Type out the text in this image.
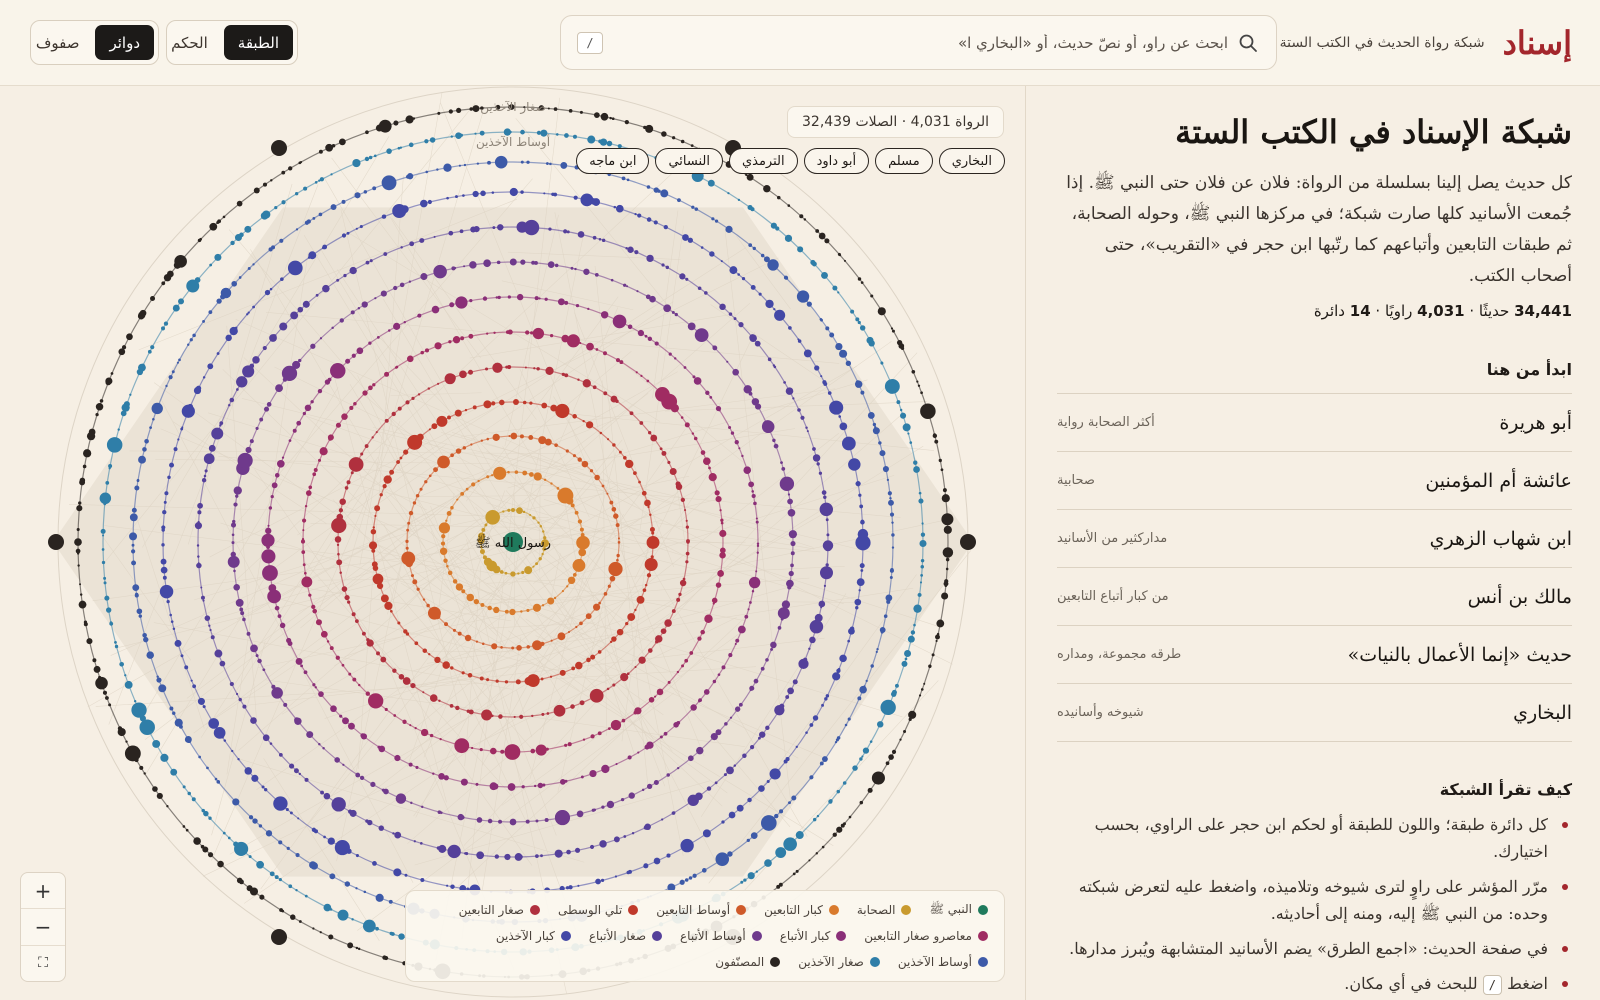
إسناد
شبكة رواة الحديث في الكتب الستة
ابحث عن راوٍ، أو نصّ حديث، أو «البخاري ا»
/
الطبقة
الحكم
دوائر
صفوف
رسول الله ﷺ
صغار الآخذين
أوساط الآخذين
الرواة 4,031 · الصلات 32,439
البخاري
مسلم
أبو داود
الترمذي
النسائي
ابن ماجه
+
−
⛶
النبي ﷺ
الصحابة
كبار التابعين
أوساط التابعين
تلي الوسطى
صغار التابعين
معاصرو صغار التابعين
كبار الأتباع
أوساط الأتباع
صغار الأتباع
كبار الآخذين
أوساط الآخذين
صغار الآخذين
المصنّفون
شبكة الإسناد في الكتب الستة

كل حديث يصل إلينا بسلسلة من الرواة: فلان عن فلان حتى النبي ﷺ. إذا جُمعت الأسانيد كلها صارت شبكة؛ في مركزها النبي ﷺ، وحوله الصحابة، ثم طبقات التابعين وأتباعهم كما رتّبها ابن حجر في «التقريب»، حتى أصحاب الكتب.

34,441 حديثًا · 4,031 راويًا · 14 دائرة
ابدأ من هنا
أبو هريرة
أكثر الصحابة رواية
عائشة أم المؤمنين
صحابية
ابن شهاب الزهري
مداركثير من الأسانيد
مالك بن أنس
من كبار أتباع التابعين
حديث «إنما الأعمال بالنيات»
طرقه مجموعة، ومداره
البخاري
شيوخه وأسانيده
كيف تقرأ الشبكة
كل دائرة طبقة؛ واللون للطبقة أو لحكم ابن حجر على الراوي، بحسب اختيارك.
مرّر المؤشر على راوٍ لترى شيوخه وتلاميذه، واضغط عليه لتعرض شبكته وحده: من النبي ﷺ إليه، ومنه إلى أحاديثه.
في صفحة الحديث: «اجمع الطرق» يضم الأسانيد المتشابهة ويُبرز مدارها.
اضغط / للبحث في أي مكان.
